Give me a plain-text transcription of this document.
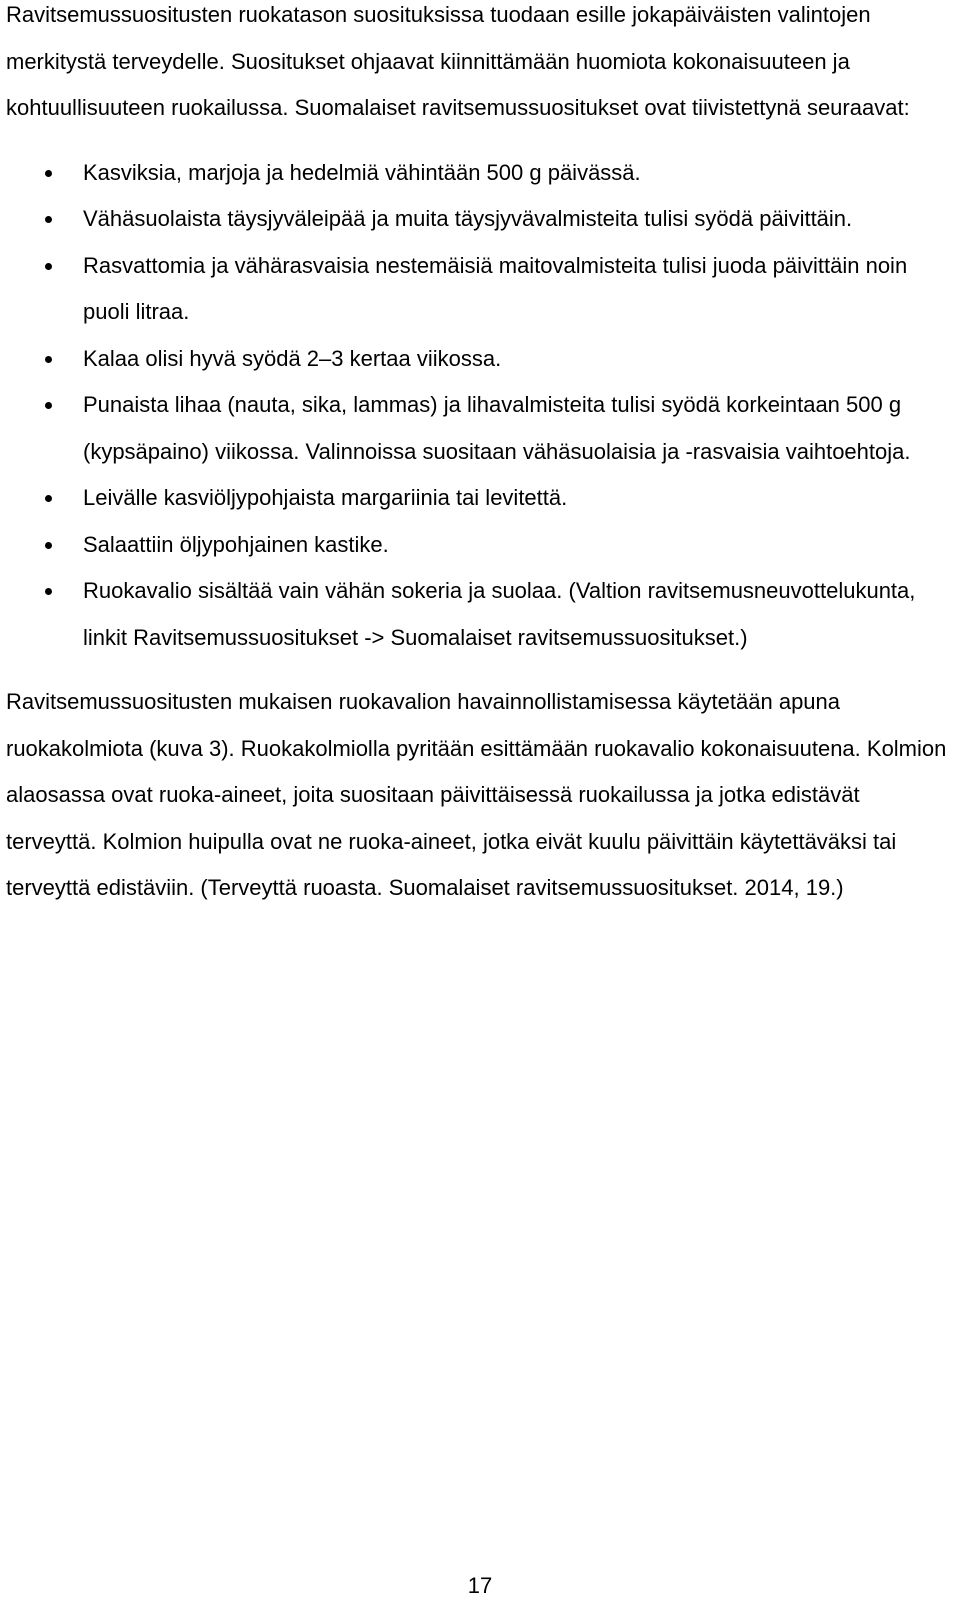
Ravitsemussuositusten ruokatason suosituksissa tuodaan esille jokapäiväisten valintojen merkitystä terveydelle. Suositukset ohjaavat kiinnittämään huomiota kokonaisuuteen ja kohtuullisuuteen ruokailussa. Suomalaiset ravitsemussuositukset ovat tiivistettynä seuraavat:

Kasviksia, marjoja ja hedelmiä vähintään 500 g päivässä.
Vähäsuolaista täysjyväleipää ja muita täysjyvävalmisteita tulisi syödä päivittäin.
Rasvattomia ja vähärasvaisia nestemäisiä maitovalmisteita tulisi juoda päivittäin noin puoli litraa.
Kalaa olisi hyvä syödä 2–3 kertaa viikossa.
Punaista lihaa (nauta, sika, lammas) ja lihavalmisteita tulisi syödä korkeintaan 500 g (kypsäpaino) viikossa. Valinnoissa suositaan vähäsuolaisia ja -rasvaisia vaihtoehtoja.
Leivälle kasviöljypohjaista margariinia tai levitettä.
Salaattiin öljypohjainen kastike.
Ruokavalio sisältää vain vähän sokeria ja suolaa. (Valtion ravitsemusneuvottelukunta, linkit Ravitsemussuositukset -> Suomalaiset ravitsemussuositukset.)

Ravitsemussuositusten mukaisen ruokavalion havainnollistamisessa käytetään apuna ruokakolmiota (kuva 3). Ruokakolmiolla pyritään esittämään ruokavalio kokonaisuutena. Kolmion alaosassa ovat ruoka-aineet, joita suositaan päivittäisessä ruokailussa ja jotka edistävät terveyttä. Kolmion huipulla ovat ne ruoka-aineet, jotka eivät kuulu päivittäin käytettäväksi tai terveyttä edistäviin. (Terveyttä ruoasta. Suomalaiset ravitsemussuositukset. 2014, 19.)

17
